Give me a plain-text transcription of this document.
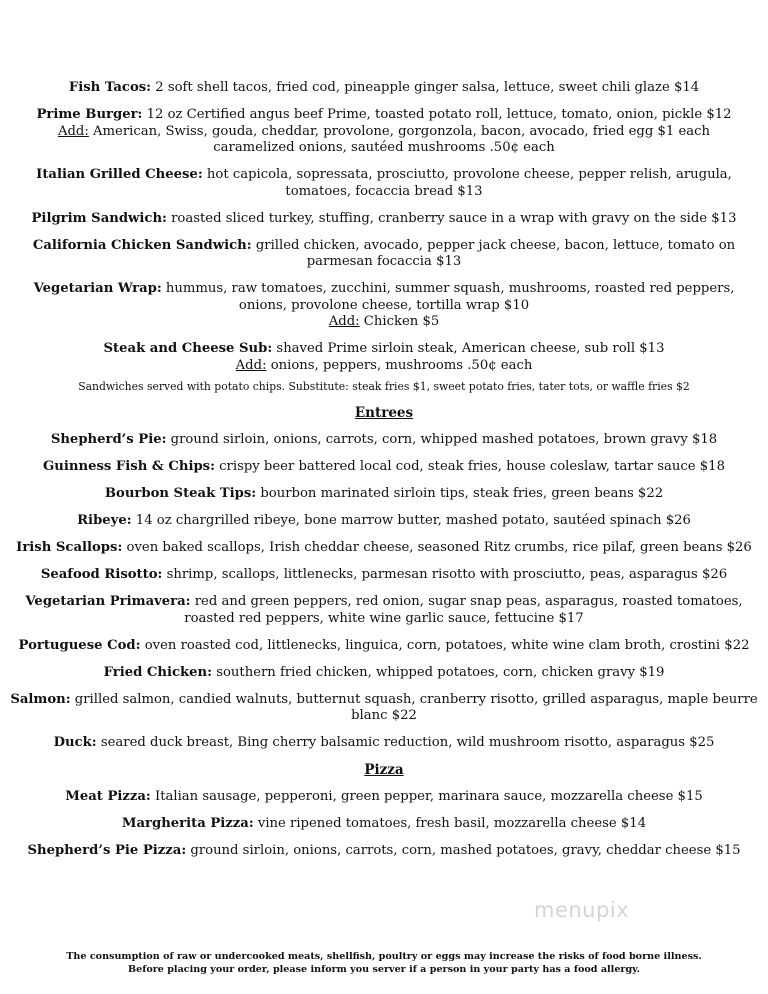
Fish Tacos: 2 soft shell tacos, fried cod, pineapple ginger salsa, lettuce, sweet chili glaze $14
Prime Burger: 12 oz Certified angus beef Prime, toasted potato roll, lettuce, tomato, onion, pickle $12
Add: American, Swiss, gouda, cheddar, provolone, gorgonzola, bacon, avocado, fried egg $1 each
caramelized onions, sautéed mushrooms .50¢ each
Italian Grilled Cheese: hot capicola, sopressata, prosciutto, provolone cheese, pepper relish, arugula, tomatoes, focaccia bread $13
Pilgrim Sandwich: roasted sliced turkey, stuffing, cranberry sauce in a wrap with gravy on the side $13
California Chicken Sandwich: grilled chicken, avocado, pepper jack cheese, bacon, lettuce, tomato on parmesan focaccia $13
Vegetarian Wrap: hummus, raw tomatoes, zucchini, summer squash, mushrooms, roasted red peppers, onions, provolone cheese, tortilla wrap $10
Add: Chicken $5
Steak and Cheese Sub: shaved Prime sirloin steak, American cheese, sub roll $13
Add: onions, peppers, mushrooms .50¢ each
Sandwiches served with potato chips. Substitute: steak fries $1, sweet potato fries, tater tots, or waffle fries $2
Entrees
Shepherd’s Pie: ground sirloin, onions, carrots, corn, whipped mashed potatoes, brown gravy $18
Guinness Fish & Chips: crispy beer battered local cod, steak fries, house coleslaw, tartar sauce $18
Bourbon Steak Tips: bourbon marinated sirloin tips, steak fries, green beans $22
Ribeye: 14 oz chargrilled ribeye, bone marrow butter, mashed potato, sautéed spinach $26
Irish Scallops: oven baked scallops, Irish cheddar cheese, seasoned Ritz crumbs, rice pilaf, green beans $26
Seafood Risotto: shrimp, scallops, littlenecks, parmesan risotto with prosciutto, peas, asparagus $26
Vegetarian Primavera: red and green peppers, red onion, sugar snap peas, asparagus, roasted tomatoes, roasted red peppers, white wine garlic sauce, fettucine $17
Portuguese Cod: oven roasted cod, littlenecks, linguica, corn, potatoes, white wine clam broth, crostini $22
Fried Chicken: southern fried chicken, whipped potatoes, corn, chicken gravy $19
Salmon: grilled salmon, candied walnuts, butternut squash, cranberry risotto, grilled asparagus, maple beurre blanc $22
Duck: seared duck breast, Bing cherry balsamic reduction, wild mushroom risotto, asparagus $25
Pizza
Meat Pizza: Italian sausage, pepperoni, green pepper, marinara sauce, mozzarella cheese $15
Margherita Pizza: vine ripened tomatoes, fresh basil, mozzarella cheese $14
Shepherd’s Pie Pizza: ground sirloin, onions, carrots, corn, mashed potatoes, gravy, cheddar cheese $15
menupix
The consumption of raw or undercooked meats, shellfish, poultry or eggs may increase the risks of food borne illness.
Before placing your order, please inform you server if a person in your party has a food allergy.
